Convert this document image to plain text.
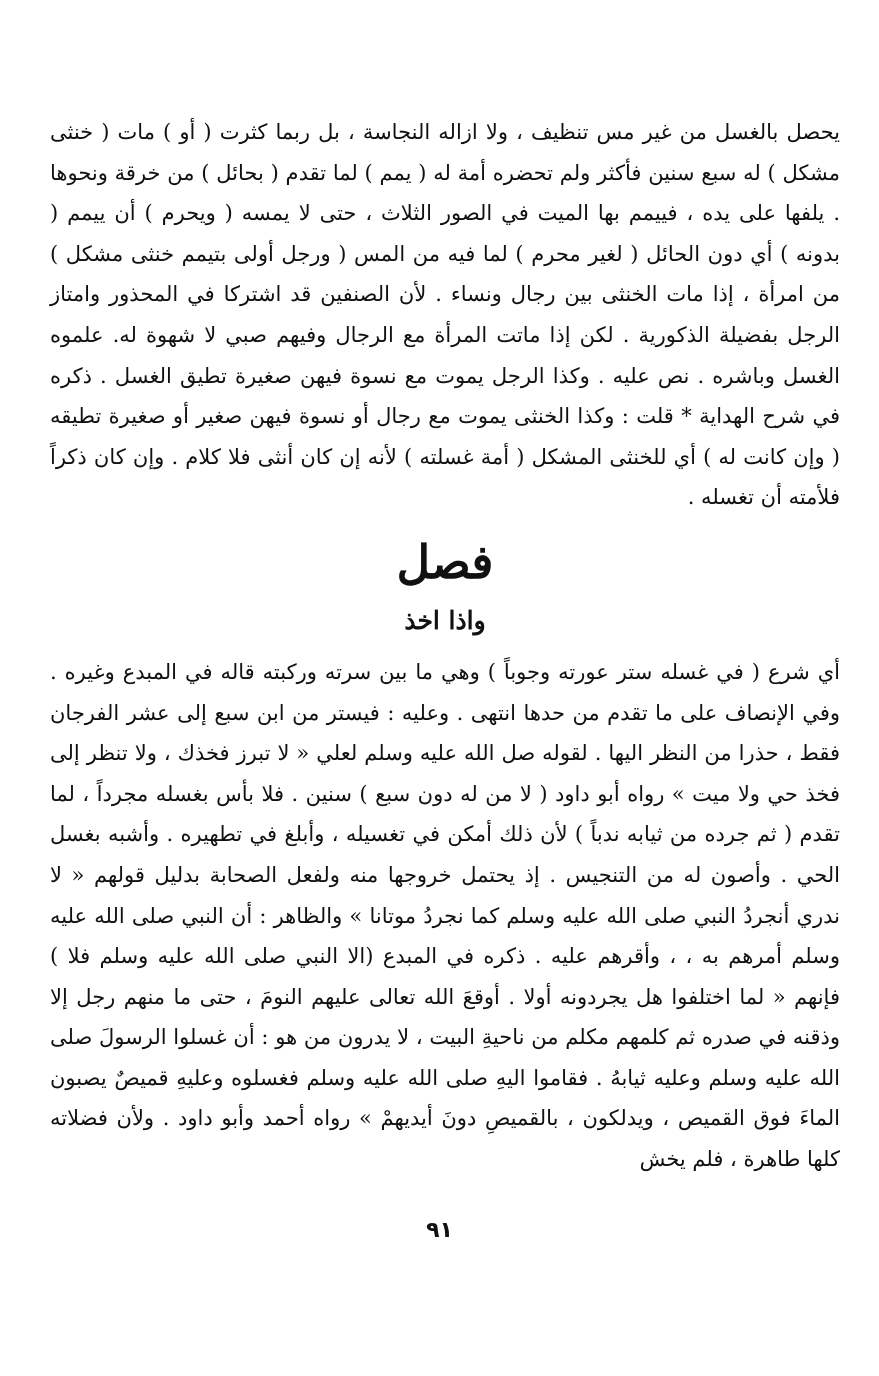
يحصل بالغسل من غير مس تنظيف ، ولا ازاله النجاسة ، بل ربما كثرت ( أو ) مات ( خنثى مشكل ) له سبع سنين فأكثر ولم تحضره أمة له ( يمم ) لما تقدم ( بحائل ) من خرقة ونحوها . يلفها على يده ، فييمم بها الميت في الصور الثلاث ، حتى لا يمسه ( ويحرم ) أن ييمم ( بدونه ) أي دون الحائل ( لغير محرم ) لما فيه من المس ( ورجل أولى بتيمم خنثى مشكل ) من امرأة ، إذا مات الخنثى بين رجال ونساء . لأن الصنفين قد اشتركا في المحذور وامتاز الرجل بفضيلة الذكورية . لكن إذا ماتت المرأة مع الرجال وفيهم صبي لا شهوة له. علموه الغسل وباشره . نص عليه . وكذا الرجل يموت مع نسوة فيهن صغيرة تطيق الغسل . ذكره في شرح الهداية * قلت : وكذا الخنثى يموت مع رجال أو نسوة فيهن صغير أو صغيرة تطيقه ( وإن كانت له ) أي للخنثى المشكل ( أمة غسلته ) لأنه إن كان أنثى فلا كلام . وإن كان ذكراً فلأمته أن تغسله .

فصل
واذا اخذ

أي شرع ( في غسله ستر عورته وجوباً ) وهي ما بين سرته وركبته قاله في المبدع وغيره . وفي الإنصاف على ما تقدم من حدها انتهى . وعليه : فيستر من ابن سبع إلى عشر الفرجان فقط ، حذرا من النظر اليها . لقوله صل الله عليه وسلم لعلي « لا تبرز فخذك ، ولا تنظر إلى فخذ حي ولا ميت » رواه أبو داود ( لا من له دون سبع ) سنين . فلا بأس بغسله مجرداً ، لما تقدم ( ثم جرده من ثيابه ندباً ) لأن ذلك أمكن في تغسيله ، وأبلغ في تطهيره . وأشبه بغسل الحي . وأصون له من التنجيس . إذ يحتمل خروجها منه ولفعل الصحابة بدليل قولهم « لا ندري أنجردُ النبي صلى الله عليه وسلم كما نجردُ موتانا » والظاهر : أن النبي صلى الله عليه وسلم أمرهم به ، ، وأقرهم عليه . ذكره في المبدع (الا النبي صلى الله عليه وسلم فلا ) فإنهم « لما اختلفوا هل يجردونه أولا . أوقعَ الله تعالى عليهم النومَ ، حتى ما منهم رجل إلا وذقنه في صدره ثم كلمهم مكلم من ناحيةِ البيت ، لا يدرون من هو : أن غسلوا الرسولَ صلى الله عليه وسلم وعليه ثيابهُ . فقاموا اليهِ صلى الله عليه وسلم فغسلوه وعليهِ قميصٌ يصبون الماءَ فوق القميص ، ويدلكون ، بالقميصِ دونَ أيديهمْ » رواه أحمد وأبو داود . ولأن فضلاته كلها طاهرة ، فلم يخش

٩١
